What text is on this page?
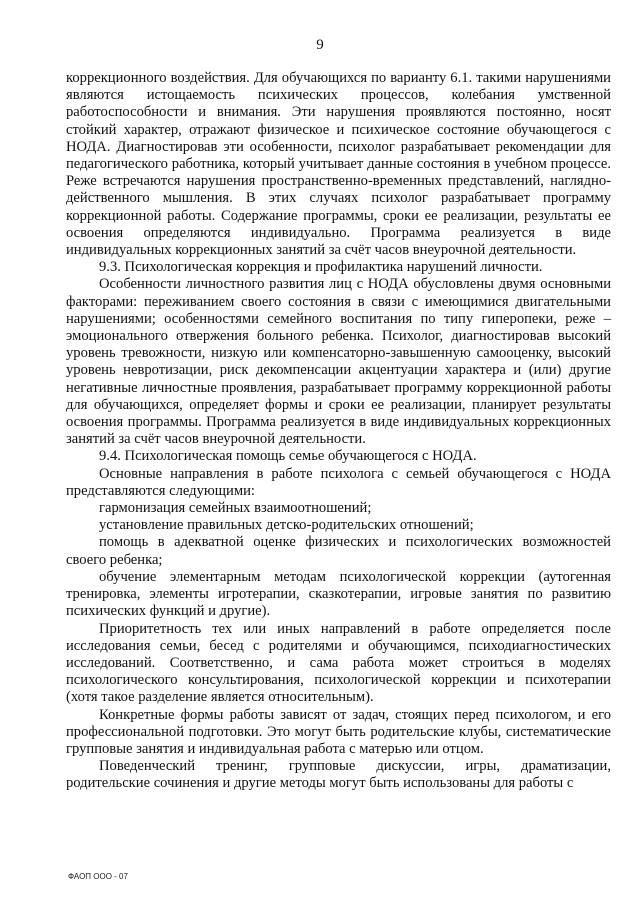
9

коррекционного воздействия. Для обучающихся по варианту 6.1. такими нарушениями являются истощаемость психических процессов, колебания умственной работоспособности и внимания. Эти нарушения проявляются постоянно, носят стойкий характер, отражают физическое и психическое состояние обучающегося с НОДА. Диагностировав эти особенности, психолог разрабатывает рекомендации для педагогического работника, который учитывает данные состояния в учебном процессе. Реже встречаются нарушения пространственно-временных представлений, наглядно-действенного мышления. В этих случаях психолог разрабатывает программу коррекционной работы. Содержание программы, сроки ее реализации, результаты ее освоения определяются индивидуально. Программа реализуется в виде индивидуальных коррекционных занятий за счёт часов внеурочной деятельности.

9.3. Психологическая коррекция и профилактика нарушений личности.

Особенности личностного развития лиц с НОДА обусловлены двумя основными факторами: переживанием своего состояния в связи с имеющимися двигательными нарушениями; особенностями семейного воспитания по типу гиперопеки, реже – эмоционального отвержения больного ребенка. Психолог, диагностировав высокий уровень тревожности, низкую или компенсаторно-завышенную самооценку, высокий уровень невротизации, риск декомпенсации акцентуации характера и (или) другие негативные личностные проявления, разрабатывает программу коррекционной работы для обучающихся, определяет формы и сроки ее реализации, планирует результаты освоения программы. Программа реализуется в виде индивидуальных коррекционных занятий за счёт часов внеурочной деятельности.

9.4. Психологическая помощь семье обучающегося с НОДА.

Основные направления в работе психолога с семьей обучающегося с НОДА представляются следующими:

гармонизация семейных взаимоотношений;

установление правильных детско-родительских отношений;

помощь в адекватной оценке физических и психологических возможностей своего ребенка;

обучение элементарным методам психологической коррекции (аутогенная тренировка, элементы игротерапии, сказкотерапии, игровые занятия по развитию психических функций и другие).

Приоритетность тех или иных направлений в работе определяется после исследования семьи, бесед с родителями и обучающимся, психодиагностических исследований. Соответственно, и сама работа может строиться в моделях психологического консультирования, психологической коррекции и психотерапии (хотя такое разделение является относительным).

Конкретные формы работы зависят от задач, стоящих перед психологом, и его профессиональной подготовки. Это могут быть родительские клубы, систематические групповые занятия и индивидуальная работа с матерью или отцом.

Поведенческий тренинг, групповые дискуссии, игры, драматизации, родительские сочинения и другие методы могут быть использованы для работы с

ФАОП ООО - 07
